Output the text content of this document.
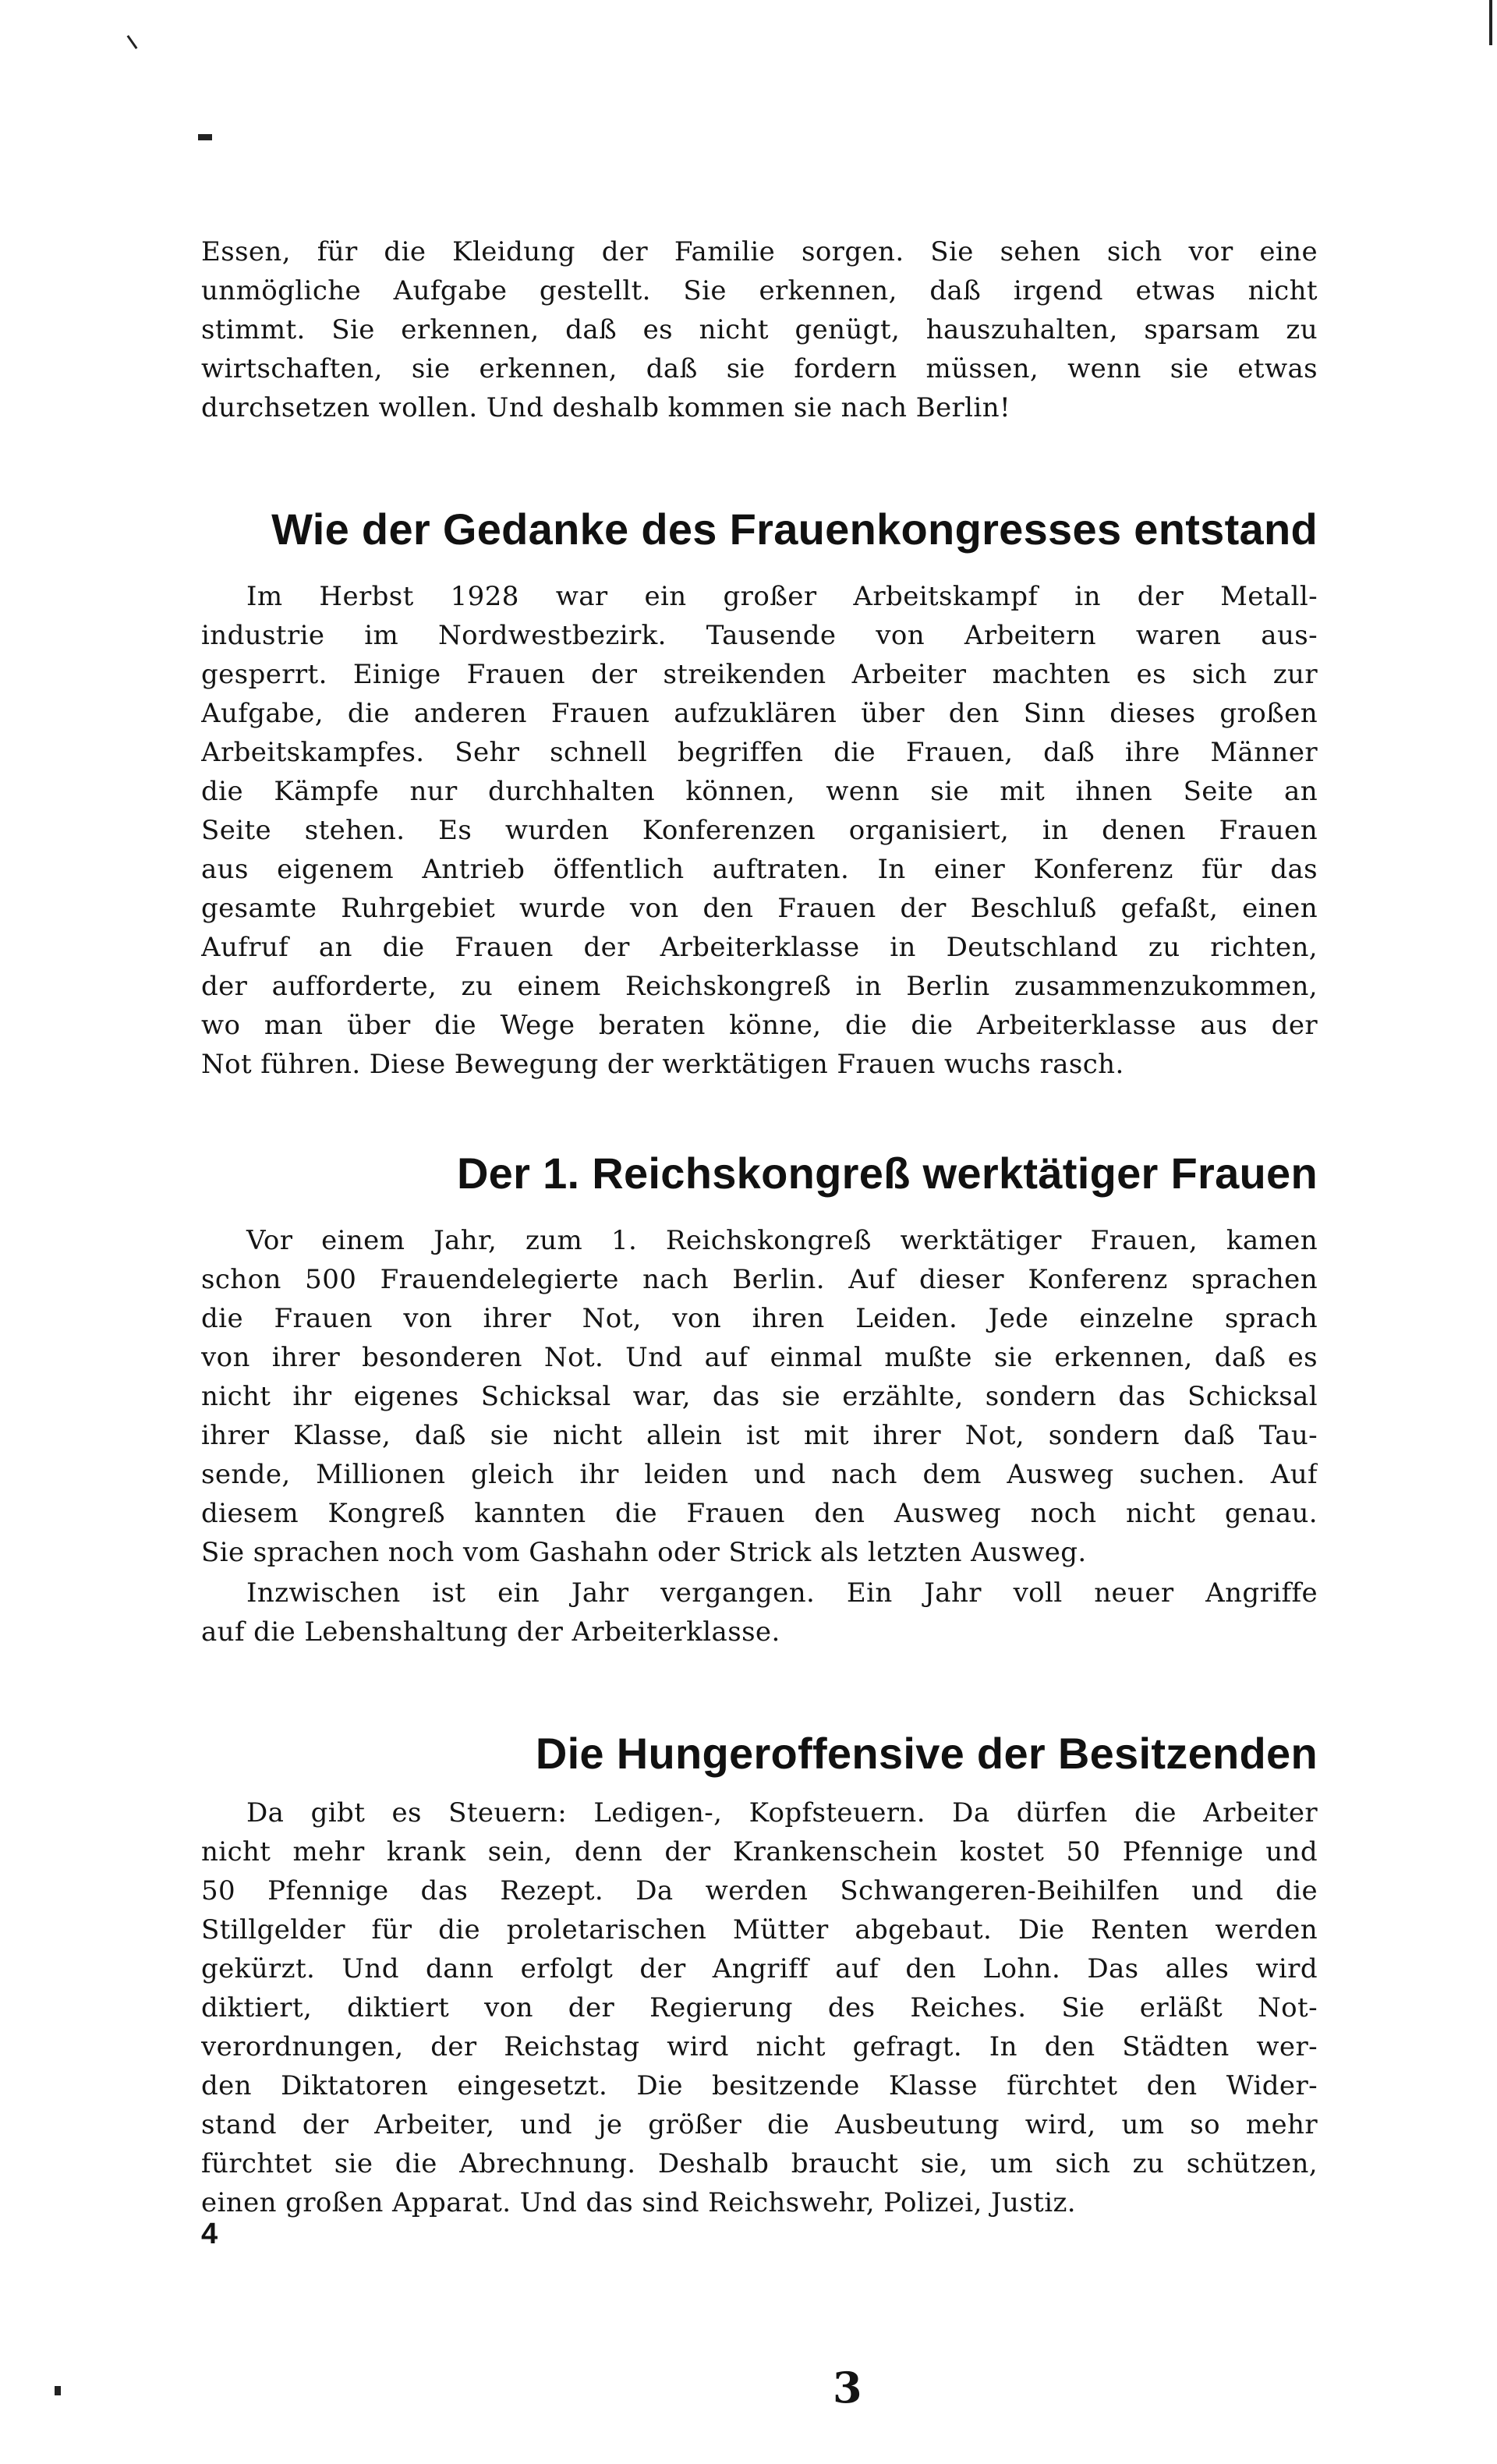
Essen, für die Kleidung der Familie sorgen. Sie sehen sich vor eine

unmögliche Aufgabe gestellt. Sie erkennen, daß irgend etwas nicht

stimmt. Sie erkennen, daß es nicht genügt, hauszuhalten, sparsam zu

wirtschaften, sie erkennen, daß sie fordern müssen, wenn sie etwas

durchsetzen wollen. Und deshalb kommen sie nach Berlin!

Wie der Gedanke des Frauenkongresses entstand

Im Herbst 1928 war ein großer Arbeitskampf in der Metall-

industrie im Nordwestbezirk. Tausende von Arbeitern waren aus-

gesperrt. Einige Frauen der streikenden Arbeiter machten es sich zur

Aufgabe, die anderen Frauen aufzuklären über den Sinn dieses großen

Arbeitskampfes. Sehr schnell begriffen die Frauen, daß ihre Männer

die Kämpfe nur durchhalten können, wenn sie mit ihnen Seite an

Seite stehen. Es wurden Konferenzen organisiert, in denen Frauen

aus eigenem Antrieb öffentlich auftraten. In einer Konferenz für das

gesamte Ruhrgebiet wurde von den Frauen der Beschluß gefaßt, einen

Aufruf an die Frauen der Arbeiterklasse in Deutschland zu richten,

der aufforderte, zu einem Reichskongreß in Berlin zusammenzukommen,

wo man über die Wege beraten könne, die die Arbeiterklasse aus der

Not führen. Diese Bewegung der werktätigen Frauen wuchs rasch.

Der 1. Reichskongreß werktätiger Frauen

Vor einem Jahr, zum 1. Reichskongreß werktätiger Frauen, kamen

schon 500 Frauendelegierte nach Berlin. Auf dieser Konferenz sprachen

die Frauen von ihrer Not, von ihren Leiden. Jede einzelne sprach

von ihrer besonderen Not. Und auf einmal mußte sie erkennen, daß es

nicht ihr eigenes Schicksal war, das sie erzählte, sondern das Schicksal

ihrer Klasse, daß sie nicht allein ist mit ihrer Not, sondern daß Tau-

sende, Millionen gleich ihr leiden und nach dem Ausweg suchen. Auf

diesem Kongreß kannten die Frauen den Ausweg noch nicht genau.

Sie sprachen noch vom Gashahn oder Strick als letzten Ausweg.

Inzwischen ist ein Jahr vergangen. Ein Jahr voll neuer Angriffe

auf die Lebenshaltung der Arbeiterklasse.

Die Hungeroffensive der Besitzenden

Da gibt es Steuern: Ledigen-, Kopfsteuern. Da dürfen die Arbeiter

nicht mehr krank sein, denn der Krankenschein kostet 50 Pfennige und

50 Pfennige das Rezept. Da werden Schwangeren-Beihilfen und die

Stillgelder für die proletarischen Mütter abgebaut. Die Renten werden

gekürzt. Und dann erfolgt der Angriff auf den Lohn. Das alles wird

diktiert, diktiert von der Regierung des Reiches. Sie erläßt Not-

verordnungen, der Reichstag wird nicht gefragt. In den Städten wer-

den Diktatoren eingesetzt. Die besitzende Klasse fürchtet den Wider-

stand der Arbeiter, und je größer die Ausbeutung wird, um so mehr

fürchtet sie die Abrechnung. Deshalb braucht sie, um sich zu schützen,

einen großen Apparat. Und das sind Reichswehr, Polizei, Justiz.

4
3
